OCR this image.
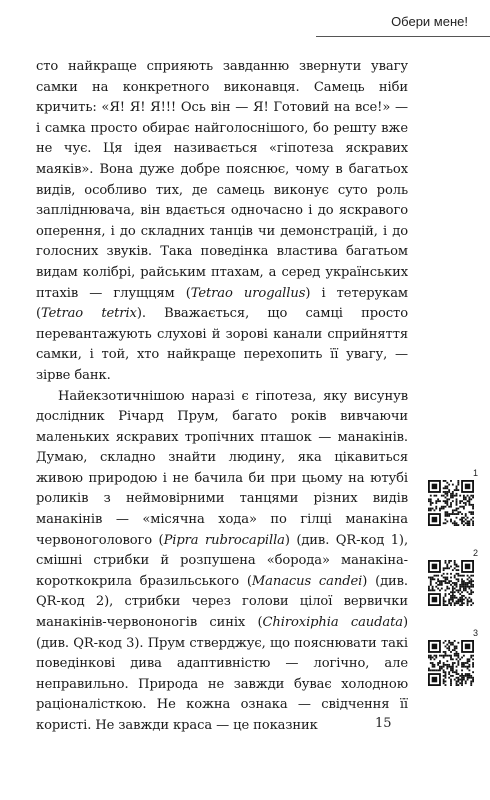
Обери мене!

сто найкраще сприяють завданню звернути увагу самки на конкретного виконавця. Самець ніби кричить: «Я! Я! Я!!! Ось він — Я! Готовий на все!» — і самка просто обирає найголоснішого, бо решту вже не чує. Ця ідея називається «гіпотеза яскравих маяків». Вона дуже добре пояснює, чому в багатьох видів, особливо тих, де самець виконує суто роль запліднювача, він вдається одночасно і до яскравого оперення, і до складних танців чи демонстрацій, і до голосних звуків. Така поведінка властива багатьом видам колібрі, райським птахам, а серед українських птахів — глущцям (Tetrao urogallus) і тетерукам (Tetrao tetrix). Вважається, що самці просто перевантажують слухові й зорові канали сприйняття самки, і той, хто найкраще перехопить її увагу, — зірве банк.

Найекзотичнішою наразі є гіпотеза, яку висунув дослідник Річард Прум, багато років вивчаючи маленьких яскравих тропічних пташок — манакінів. Думаю, складно знайти людину, яка цікавиться живою природою і не бачила би при цьому на ютубі роликів з неймовірними танцями різних видів манакінів — «місячна хода» по гілці манакіна червоноголового (Pipra rubrocapilla) (див. QR-код 1), смішні стрибки й розпушена «борода» манакіна-короткокрила бразильського (Manacus candei) (див. QR-код 2), стрибки через голови цілої вервички манакінів-червононогів синіх (Chiroxiphia caudata) (див. QR-код 3). Прум стверджує, що пояснювати такі поведінкові дива адаптивністю — логічно, але неправильно. Природа не завжди буває холодною раціоналісткою. Не кожна ознака — свідчення її користі. Не завжди краса — це показник

1
2
3
15
